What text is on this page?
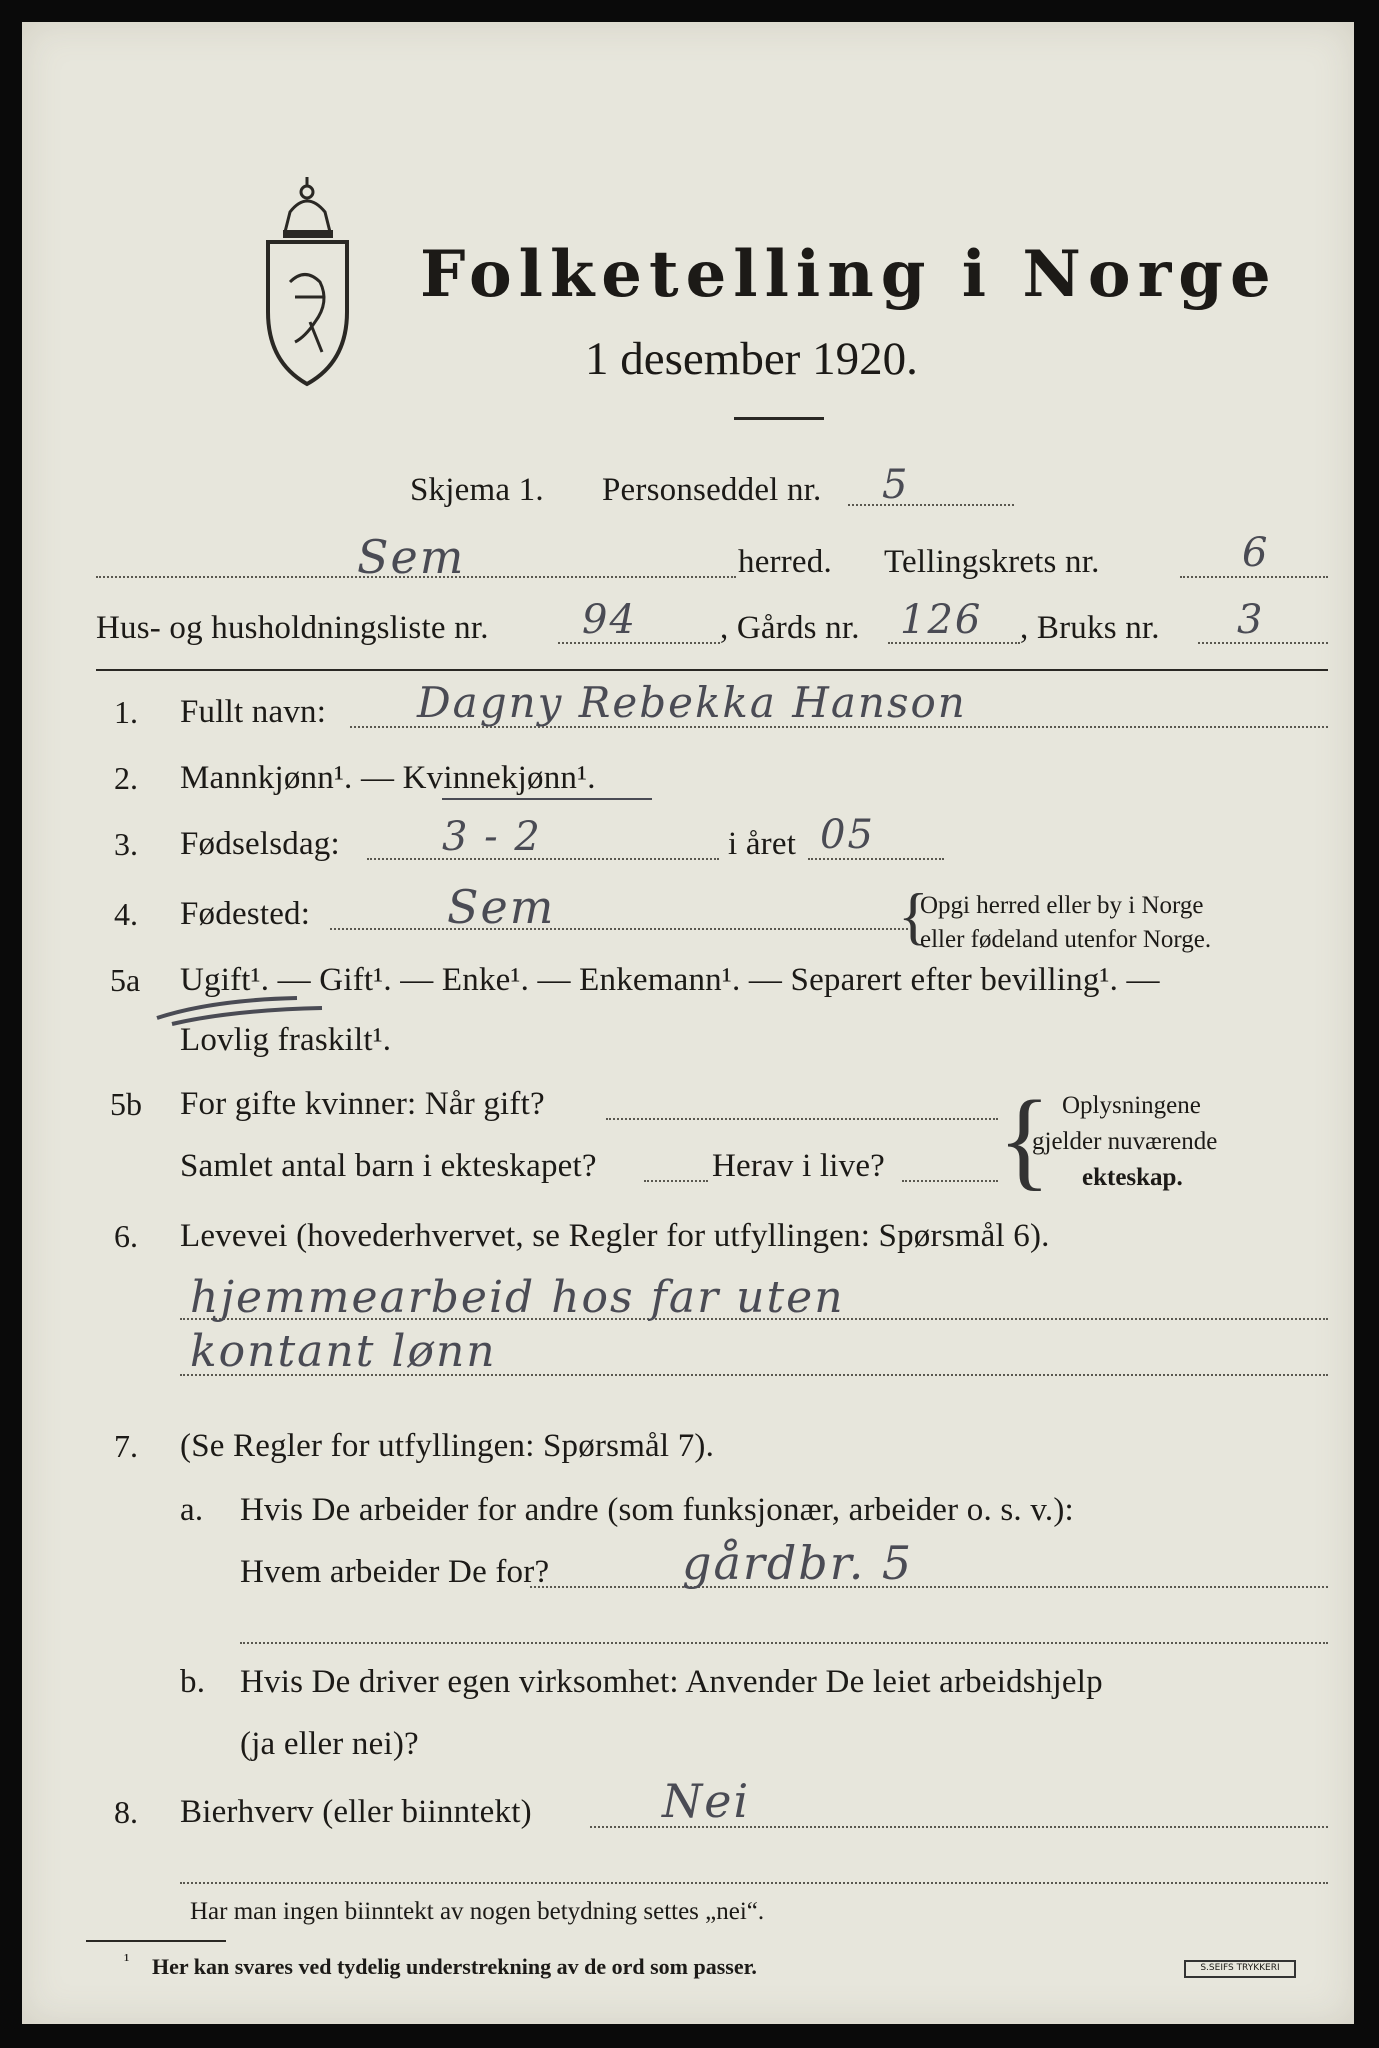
Folketelling i Norge
1 desember 1920.
Skjema 1. Personseddel nr. 5
Sem	herred. Tellingskrets nr.	6
Hus- og husholdningsliste nr. 94	, Gårds nr. 126 , Bruks nr. 3
1. Fullt navn: Dagny Rebekka Hanson
2. Mannkjønn¹. — Kvinnekjønn¹.
3. Fødselsdag:	3 - 2	i året 05
4. Fødested:	Sem	{
Opgi herred eller by i Norge
eller fødeland utenfor Norge.
5a Ugift¹. — Gift¹. — Enke¹. — Enkemann¹. — Separert efter bevilling¹. —
Lovlig fraskilt¹.
5b For gifte kvinner: Når gift?
Samlet antal barn i ekteskapet?	Herav i live? { Oplysningene
gjelder nuværende
ekteskap.
6. Levevei (hovederhvervet, se Regler for utfyllingen: Spørsmål 6).
hjemmearbeid hos far uten
kontant lønn
7. (Se Regler for utfyllingen: Spørsmål 7).
a. Hvis De arbeider for andre (som funksjonær, arbeider o. s. v.):
Hvem arbeider De for?	gårdbr. 5
b. Hvis De driver egen virksomhet: Anvender De leiet arbeidshjelp
(ja eller nei)?
8. Bierhverv (eller biinntekt)	Nei
Har man ingen biinntekt av nogen betydning settes „nei“.
¹ Her kan svares ved tydelig understrekning av de ord som passer.	S.SEIFS TRYKKERI
